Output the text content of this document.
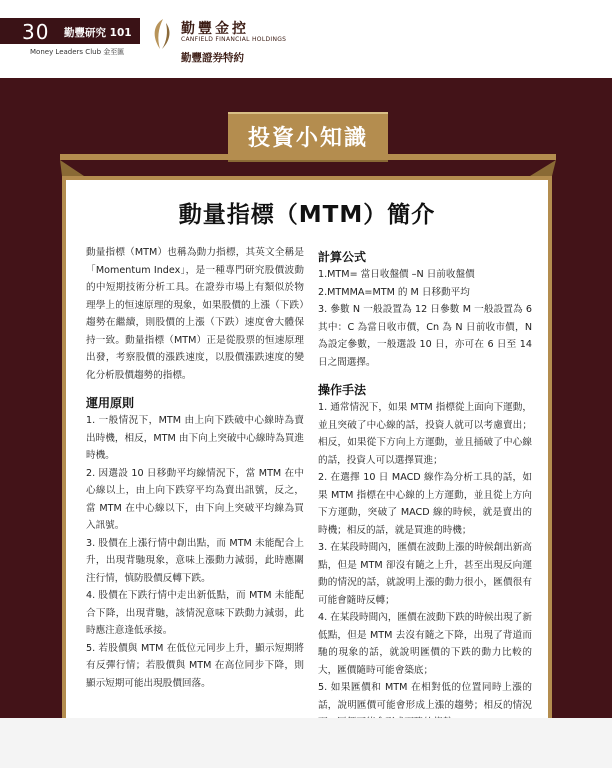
30 勤豐研究 101
Money Leaders Club 金至匯
勤豐金控
CANFIELD FINANCIAL HOLDINGS
勤豐證券特約
投資小知識
動量指標（MTM）簡介

動量指標（MTM）也稱為動力指標，其英文全稱是「Momentum Index」，是一種專門研究股價波動的中短期技術分析工具。在證券市場上有類似於物理學上的恒速原理的現象，如果股價的上漲（下跌）趨勢在繼續，則股價的上漲（下跌）速度會大體保持一致。動量指標（MTM）正是從股票的恒速原理出發，考察股價的漲跌速度，以股價漲跌速度的變化分析股價趨勢的指標。

運用原則

1. 一般情況下，MTM 由上向下跌破中心線時為賣出時機，相反，MTM 由下向上突破中心線時為買進時機。

2. 因選設 10 日移動平均線情況下，當 MTM 在中心線以上，由上向下跌穿平均為賣出訊號，反之，當 MTM 在中心線以下，由下向上突破平均線為買入訊號。

3. 股價在上漲行情中創出點，而 MTM 未能配合上升，出現背馳現象，意味上漲動力減弱，此時應關注行情，慎防股價反轉下跌。

4. 股價在下跌行情中走出新低點，而 MTM 未能配合下降，出現背馳，該情況意味下跌動力減弱，此時應注意逢低承接。

5. 若股價與 MTM 在低位元同步上升，顯示短期將有反彈行情；若股價與 MTM 在高位同步下降，則顯示短期可能出現股價回落。

計算公式

1.MTM= 當日收盤價 –N 日前收盤價

2.MTMMA=MTM 的 M 日移動平均

3. 參數 N 一般設置為 12 日參數 M 一般設置為 6 其中：C 為當日收市價，Cn 為 N 日前收市價，N 為設定參數，一般選設 10 日，亦可在 6 日至 14 日之間選擇。

操作手法

1. 通常情況下，如果 MTM 指標從上面向下運動，並且突破了中心線的話，投資人就可以考慮賣出；相反，如果從下方向上方運動，並且捅破了中心線的話，投資人可以選擇買進；

2. 在選擇 10 日 MACD 線作為分析工具的話，如果 MTM 指標在中心線的上方運動，並且從上方向下方運動，突破了 MACD 線的時候，就是賣出的時機；相反的話，就是買進的時機；

3. 在某段時間內，匯價在波動上漲的時候創出新高點，但是 MTM 卻沒有隨之上升，甚至出現反向運動的情況的話，就說明上漲的動力很小，匯價很有可能會隨時反轉；

4. 在某段時間內，匯價在波動下跌的時候出現了新低點，但是 MTM 去沒有隨之下降，出現了背道而馳的現象的話，就說明匯價的下跌的動力比較的大，匯價隨時可能會築底；

5. 如果匯價和 MTM 在相對低的位置同時上漲的話，說明匯價可能會形成上漲的趨勢；相反的情況
